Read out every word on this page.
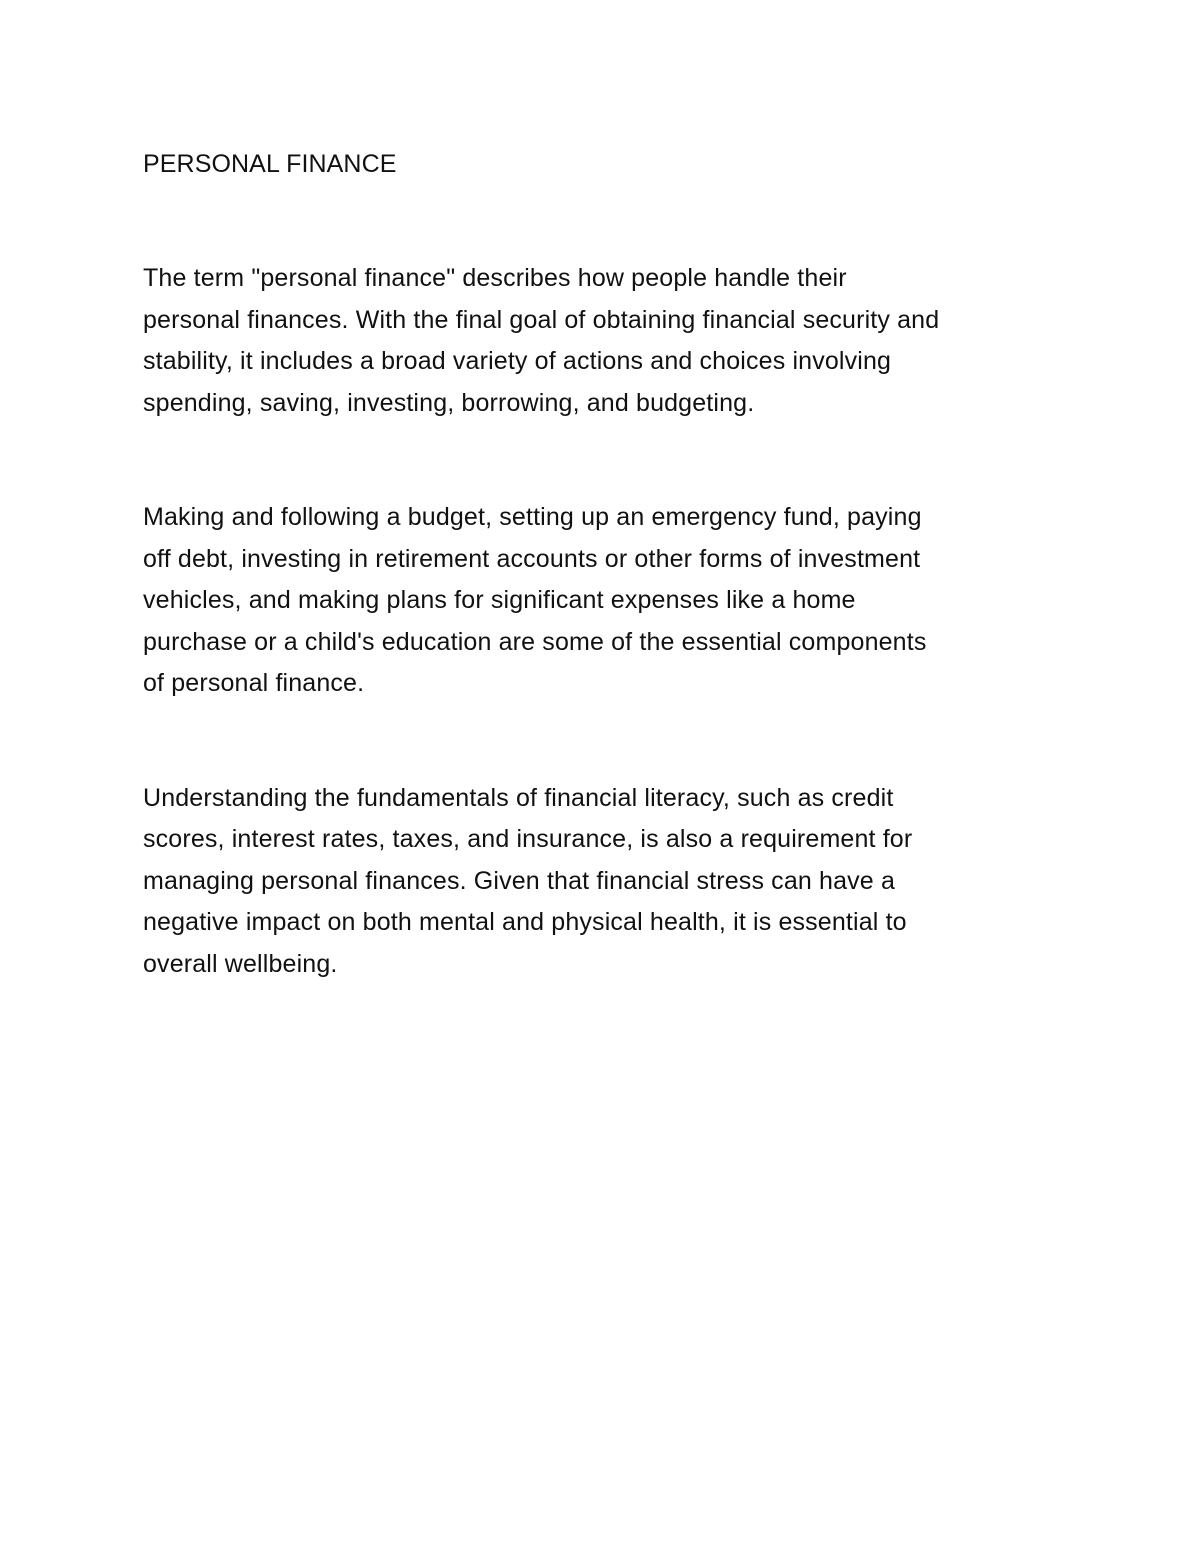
PERSONAL FINANCE

The term "personal finance" describes how people handle their
personal finances. With the final goal of obtaining financial security and
stability, it includes a broad variety of actions and choices involving
spending, saving, investing, borrowing, and budgeting.

Making and following a budget, setting up an emergency fund, paying
off debt, investing in retirement accounts or other forms of investment
vehicles, and making plans for significant expenses like a home
purchase or a child's education are some of the essential components
of personal finance.

Understanding the fundamentals of financial literacy, such as credit
scores, interest rates, taxes, and insurance, is also a requirement for
managing personal finances. Given that financial stress can have a
negative impact on both mental and physical health, it is essential to
overall wellbeing.
